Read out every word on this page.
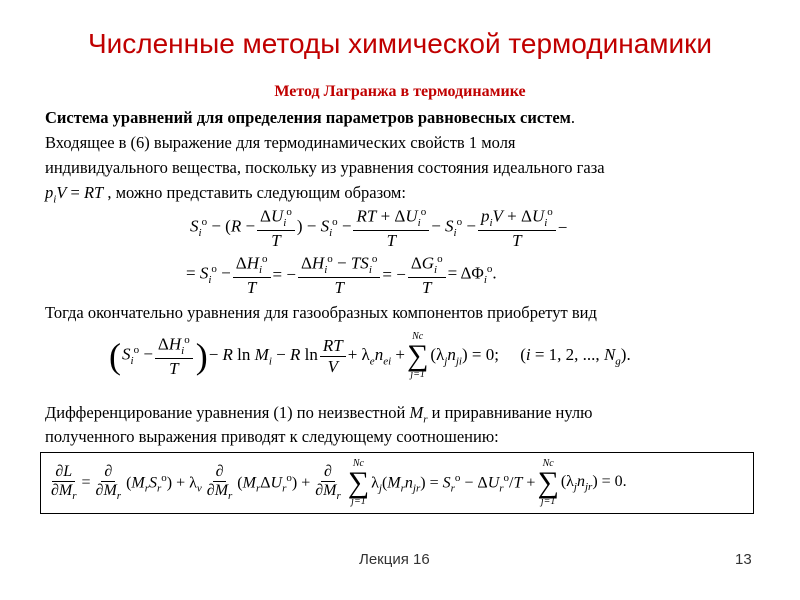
Численные методы химической термодинамики
Метод Лагранжа в термодинамике
Система уравнений для определения параметров равновесных систем.
Входящее в (6) выражение для термодинамических свойств 1 моля
индивидуального вещества, поскольку из уравнения состояния идеального газа
$p_iV$ = RT , можно представить следующим образом:
$S_i^o - (R - \frac{\Delta U_i^o}{T}$ ) − $S_i^o - \frac{RT + \Delta U_i^o}{T} - S_i^o - \frac{p_iV + \Delta U_i^o}{T}$ −
= $S_i^o - \frac{\Delta H_i^o}{T}$ = − $\frac{\Delta H_i^o - TS_i^o}{T}$ = − $\frac{\Delta G_i^o}{T} = \Delta\Phi_i^o$.
Тогда окончательно уравнения для газообразных компонентов приобретут вид
( $S_i^o - \frac{\Delta H_i^o}{T}$ ) − R $\ln M_i - R$ $\ln \frac{RT}{V} + \lambda_en_{ei}$ +
Nc
∑
j=1
$(\lambda_jn_{ji}) = 0$;     (i = 1, 2, ..., $N_g$).
Дифференцирование уравнения (1) по неизвестной $M_r$ и приравнивание нулю
полученного выражения приводят к следующему соотношению:
$\frac{\partial L}{\partial M_r} = \frac{\partial}{\partial M_r} (M_rS_r^o) + \lambda_v \frac{\partial}{\partial M_r} (M_r\Delta U_r^o) + \frac{\partial}{\partial M_r}$ Nc
∑
j=1
$\lambda_j(M_rn_{jr}) = S_r^o - \Delta U_r^o/T$ +
Nc
∑
j=1
$(\lambda_jn_{jr}) = 0$.
Лекция 16	13
